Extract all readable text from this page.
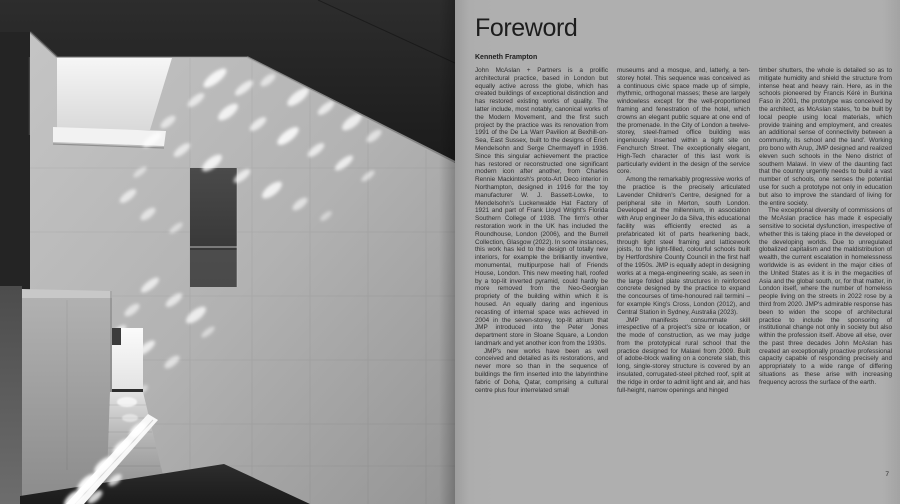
Foreword

Kenneth Frampton

John McAslan + Partners is a prolific architectural practice, based in London but equally active across the globe, which has created buildings of exceptional distinction and has restored existing works of quality. The latter include, most notably, canonical works of the Modern Movement, and the first such project by the practice was its renovation from 1991 of the De La Warr Pavilion at Bexhill-on-Sea, East Sussex, built to the designs of Erich Mendelsohn and Serge Chermayeff in 1936. Since this singular achievement the practice has restored or reconstructed one significant modern icon after another, from Charles Rennie Mackintosh's proto-Art Deco interior in Northampton, designed in 1916 for the toy manufacturer W. J. Bassett-Lowke, to Mendelsohn's Luckenwalde Hat Factory of 1921 and part of Frank Lloyd Wright's Florida Southern College of 1938. The firm's other restoration work in the UK has included the Roundhouse, London (2006), and the Burrell Collection, Glasgow (2022). In some instances, this work has led to the design of totally new interiors, for example the brilliantly inventive, monumental, multipurpose hall of Friends House, London. This new meeting hall, roofed by a top-lit inverted pyramid, could hardly be more removed from the Neo-Georgian propriety of the building within which it is housed. An equally daring and ingenious recasting of internal space was achieved in 2004 in the seven-storey, top-lit atrium that JMP introduced into the Peter Jones department store in Sloane Square, a London landmark and yet another icon from the 1930s.

JMP's new works have been as well conceived and detailed as its restorations, and never more so than in the sequence of buildings the firm inserted into the labyrinthine fabric of Doha, Qatar, comprising a cultural centre plus four interrelated small

museums and a mosque, and, latterly, a ten-storey hotel. This sequence was conceived as a continuous civic space made up of simple, rhythmic, orthogonal masses; these are largely windowless except for the well-proportioned framing and fenestration of the hotel, which crowns an elegant public square at one end of the promenade. In the City of London a twelve-storey, steel-framed office building was ingeniously inserted within a tight site on Fenchurch Street. The exceptionally elegant, High-Tech character of this last work is particularly evident in the design of the service core.

Among the remarkably progressive works of the practice is the precisely articulated Lavender Children's Centre, designed for a peripheral site in Merton, south London. Developed at the millennium, in association with Arup engineer Jo da Silva, this educational facility was efficiently erected as a prefabricated kit of parts hearkening back, through light steel framing and latticework joists, to the light-filled, colourful schools built by Hertfordshire County Council in the first half of the 1950s. JMP is equally adept in designing works at a mega-engineering scale, as seen in the large folded plate structures in reinforced concrete designed by the practice to expand the concourses of time-honoured rail termini – for example King's Cross, London (2012), and Central Station in Sydney, Australia (2023).

JMP manifests consummate skill irrespective of a project's size or location, or the mode of construction, as we may judge from the prototypical rural school that the practice designed for Malawi from 2009. Built of adobe-block walling on a concrete slab, this long, single-storey structure is covered by an insulated, corrugated-steel pitched roof, split at the ridge in order to admit light and air, and has full-height, narrow openings and hinged

timber shutters, the whole is detailed so as to mitigate humidity and shield the structure from intense heat and heavy rain. Here, as in the schools pioneered by Francis Kéré in Burkina Faso in 2001, the prototype was conceived by the architect, as McAslan states, 'to be built by local people using local materials, which provide training and employment, and creates an additional sense of connectivity between a community, its school and the land'. Working pro bono with Arup, JMP designed and realized eleven such schools in the Neno district of southern Malawi. In view of the daunting fact that the country urgently needs to build a vast number of schools, one senses the potential use for such a prototype not only in education but also to improve the standard of living for the entire society.

The exceptional diversity of commissions of the McAslan practice has made it especially sensitive to societal dysfunction, irrespective of whether this is taking place in the developed or the developing worlds. Due to unregulated globalized capitalism and the maldistribution of wealth, the current escalation in homelessness worldwide is as evident in the major cities of the United States as it is in the megacities of Asia and the global south, or, for that matter, in London itself, where the number of homeless people living on the streets in 2022 rose by a third from 2020. JMP's admirable response has been to widen the scope of architectural practice to include the sponsoring of institutional change not only in society but also within the profession itself. Above all else, over the past three decades John McAslan has created an exceptionally proactive professional capacity capable of responding precisely and appropriately to a wide range of differing situations as these arise with increasing frequency across the surface of the earth.

7
